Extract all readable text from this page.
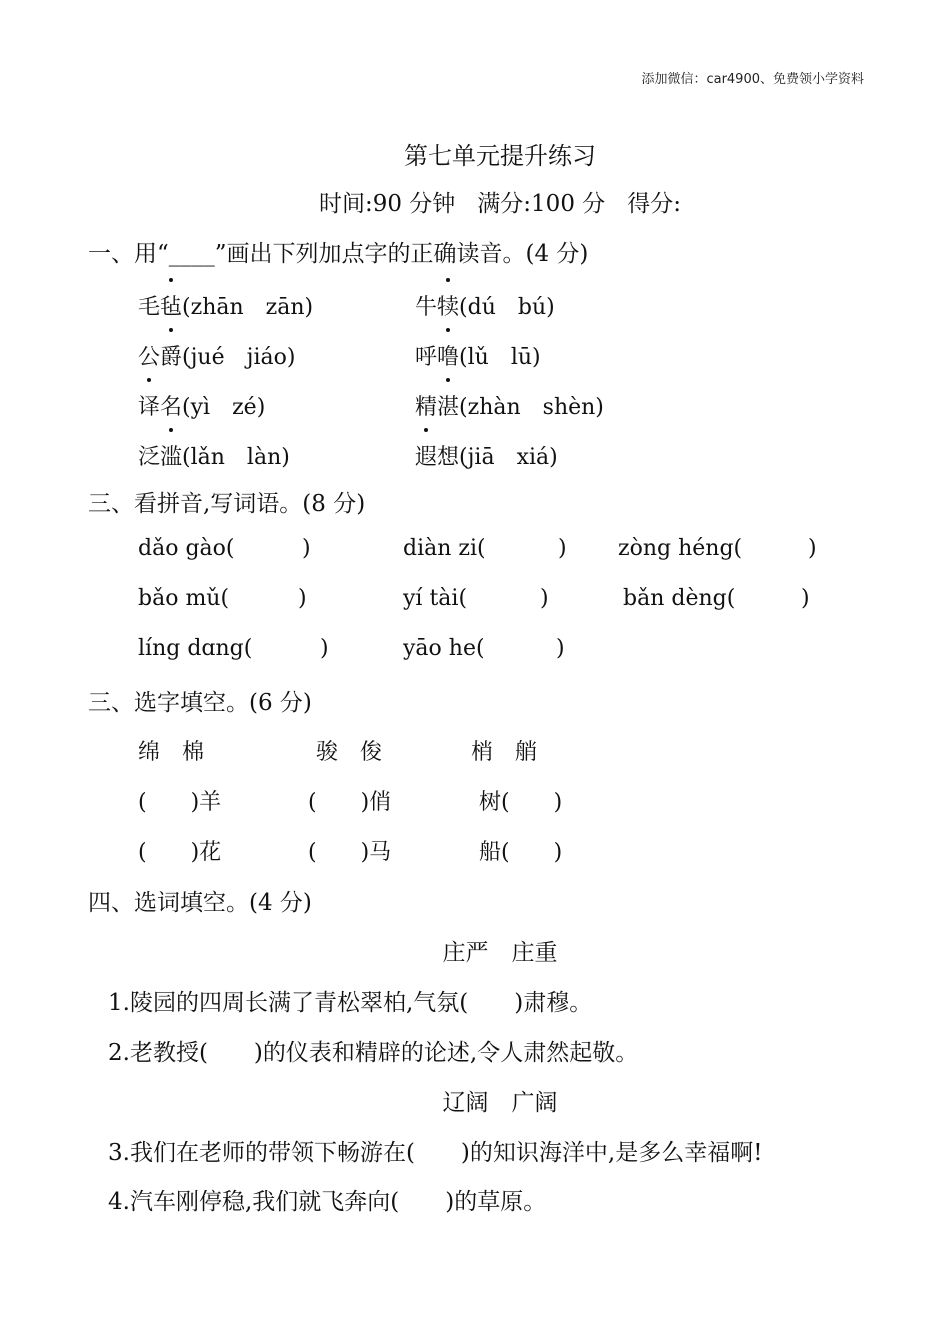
添加微信：car4900、免费领小学资料
第七单元提升练习
时间:90 分钟 满分:100 分 得分:
一、用“____”画出下列加点字的正确读音。(4 分)
毛毡(zhān　zān)	牛犊(dú　bú)
公爵(jué　jiáo)	呼噜(lǔ　lū)
译名(yì　zé)	精湛(zhàn　shèn)
泛滥(lǎn　làn)	遐想(jiā　xiá)
三、看拼音,写词语。(8 分)
dǎo gào(	)	diàn zi(	) zòng héng(	)
bǎo mǔ(	)	yí tài(	)	bǎn dèng(	)
líng dɑng(	)	yāo he(	)
三、选字填空。(6 分)
绵　棉	骏　俊	梢　艄
(　　)羊	(　　)俏	树(　　)
(　　)花	(　　)马	船(　　)
四、选词填空。(4 分)
庄严　庄重
1.陵园的四周长满了青松翠柏,气氛(　　)肃穆。
2.老教授(　　)的仪表和精辟的论述,令人肃然起敬。
辽阔　广阔
3.我们在老师的带领下畅游在(　　)的知识海洋中,是多么幸福啊!
4.汽车刚停稳,我们就飞奔向(　　)的草原。
